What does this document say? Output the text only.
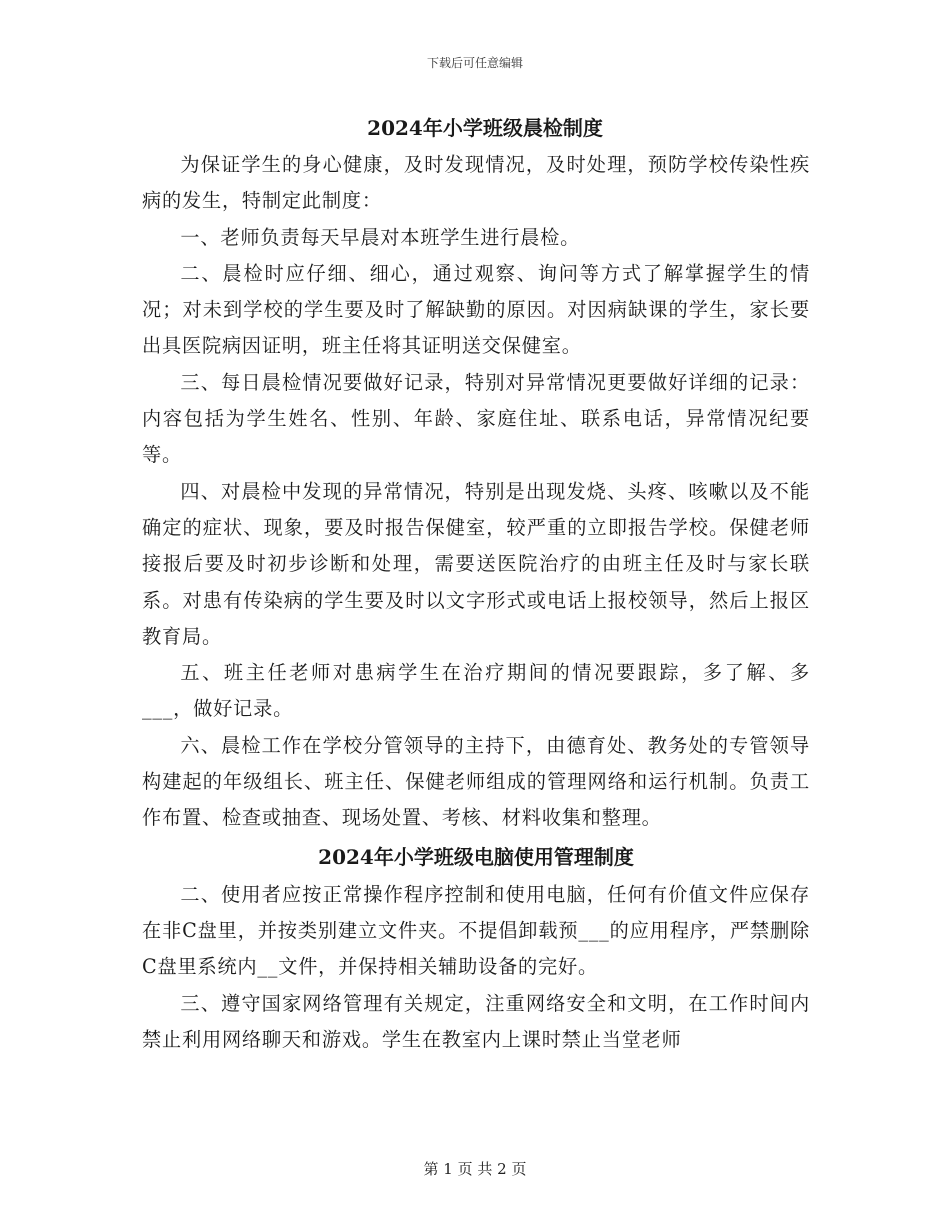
下载后可任意编辑
2024年小学班级晨检制度

为保证学生的身心健康，及时发现情况，及时处理，预防学校传染性疾病的发生，特制定此制度：

一、老师负责每天早晨对本班学生进行晨检。

二、晨检时应仔细、细心，通过观察、询问等方式了解掌握学生的情况；对未到学校的学生要及时了解缺勤的原因。对因病缺课的学生，家长要出具医院病因证明，班主任将其证明送交保健室。

三、每日晨检情况要做好记录，特别对异常情况更要做好详细的记录：内容包括为学生姓名、性别、年龄、家庭住址、联系电话，异常情况纪要等。

四、对晨检中发现的异常情况，特别是出现发烧、头疼、咳嗽以及不能确定的症状、现象，要及时报告保健室，较严重的立即报告学校。保健老师接报后要及时初步诊断和处理，需要送医院治疗的由班主任及时与家长联系。对患有传染病的学生要及时以文字形式或电话上报校领导，然后上报区教育局。

五、班主任老师对患病学生在治疗期间的情况要跟踪，多了解、多___，做好记录。

六、晨检工作在学校分管领导的主持下，由德育处、教务处的专管领导构建起的年级组长、班主任、保健老师组成的管理网络和运行机制。负责工作布置、检查或抽查、现场处置、考核、材料收集和整理。

2024年小学班级电脑使用管理制度

二、使用者应按正常操作程序控制和使用电脑，任何有价值文件应保存在非C盘里，并按类别建立文件夹。不提倡卸载预___的应用程序，严禁删除C盘里系统内__文件，并保持相关辅助设备的完好。

三、遵守国家网络管理有关规定，注重网络安全和文明，在工作时间内禁止利用网络聊天和游戏。学生在教室内上课时禁止当堂老师

第 1 页 共 2 页
